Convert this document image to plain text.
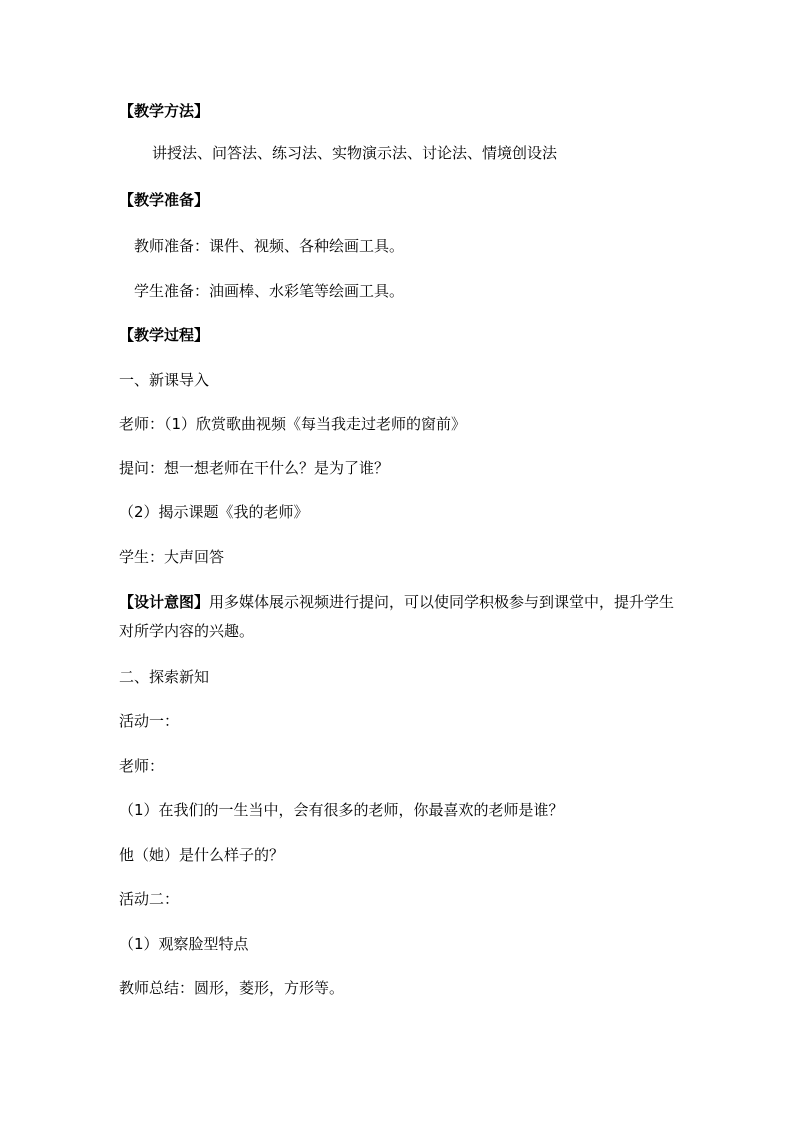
【教学方法】
讲授法、问答法、练习法、实物演示法、讨论法、情境创设法
【教学准备】
教师准备：课件、视频、各种绘画工具。
学生准备：油画棒、水彩笔等绘画工具。
【教学过程】
一、新课导入
老师：（1）欣赏歌曲视频《每当我走过老师的窗前》
提问：想一想老师在干什么？是为了谁？
（2）揭示课题《我的老师》
学生：大声回答
【设计意图】用多媒体展示视频进行提问，可以使同学积极参与到课堂中，提升学生对所学内容的兴趣。
二、探索新知
活动一：
老师：
（1）在我们的一生当中，会有很多的老师，你最喜欢的老师是谁？
他（她）是什么样子的？
活动二：
（1）观察脸型特点
教师总结：圆形，菱形，方形等。
